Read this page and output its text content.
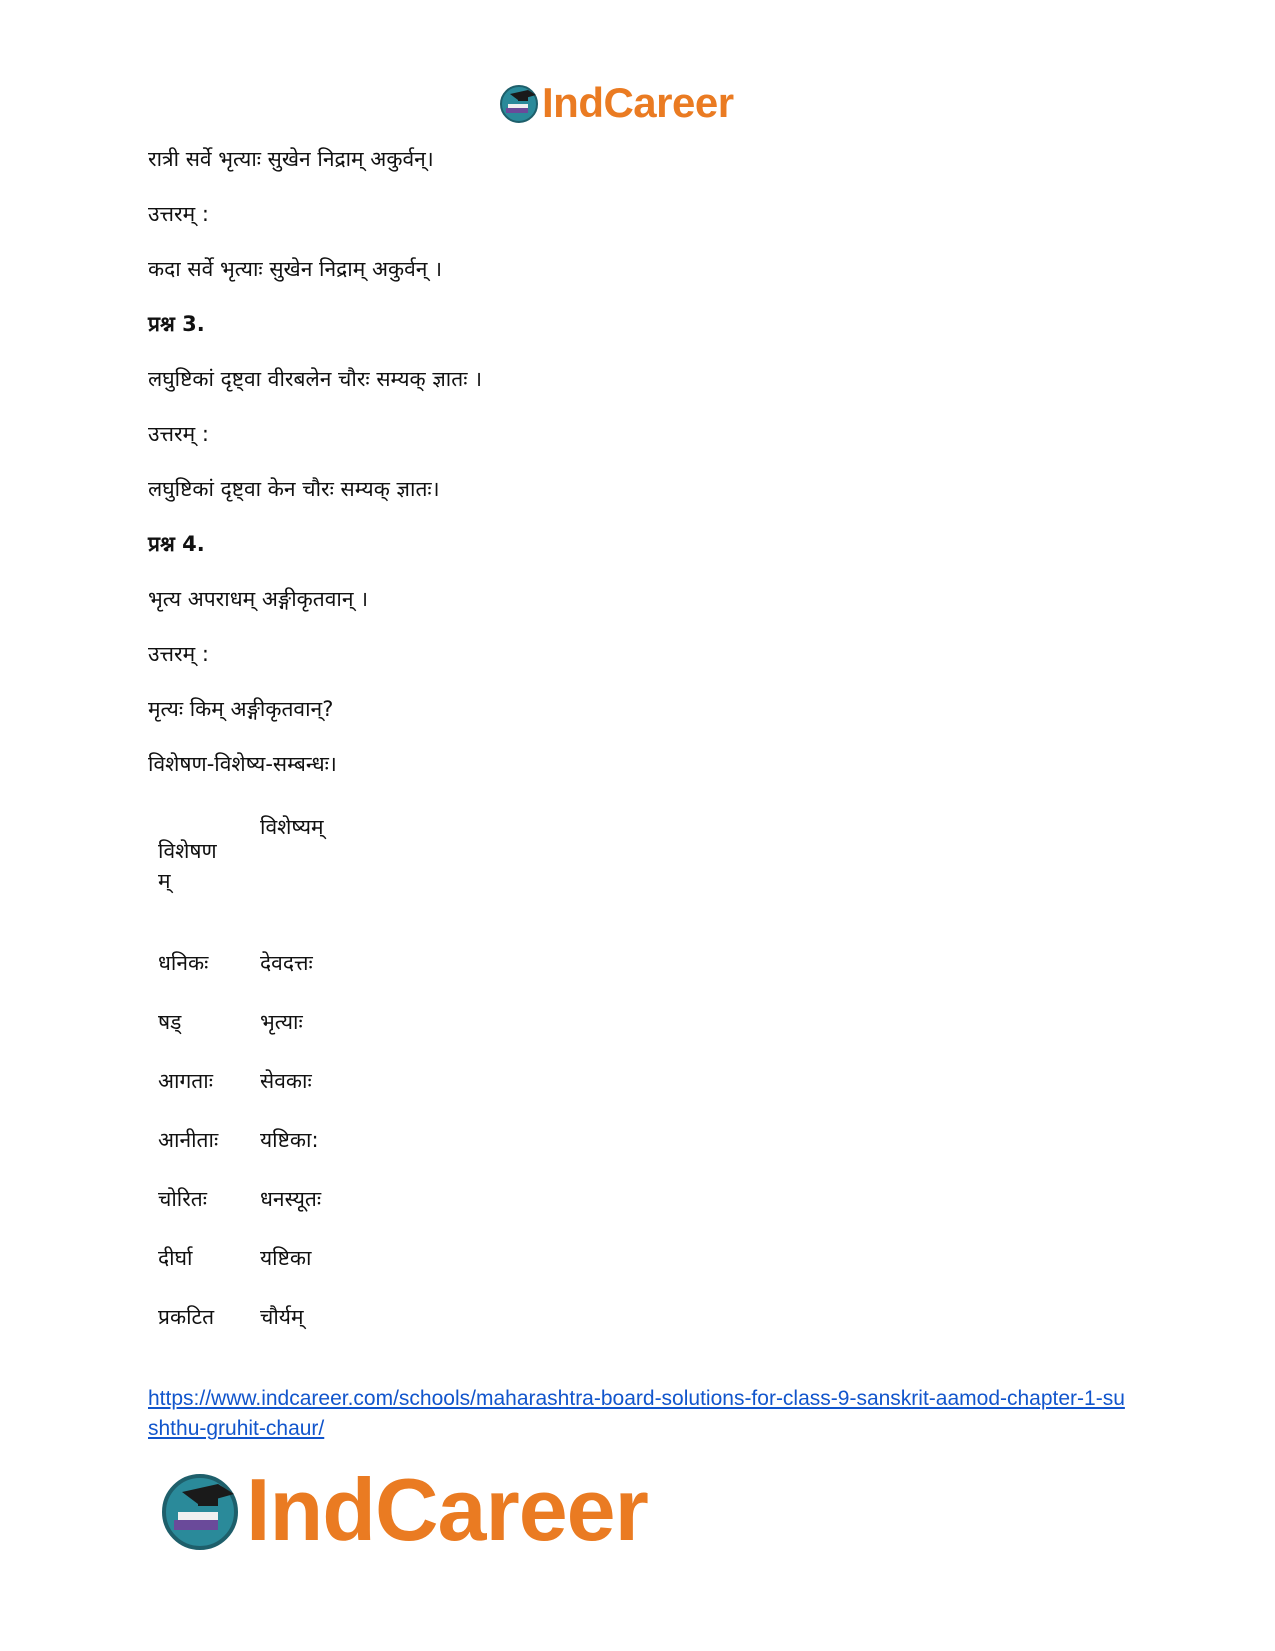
IndCareer
रात्री सर्वे भृत्याः सुखेन निद्राम् अकुर्वन्।
उत्तरम् :
कदा सर्वे भृत्याः सुखेन निद्राम् अकुर्वन् ।
प्रश्न 3.
लघुष्टिकां दृष्ट्वा वीरबलेन चौरः सम्यक् ज्ञातः ।
उत्तरम् :
लघुष्टिकां दृष्ट्वा केन चौरः सम्यक् ज्ञातः।
प्रश्न 4.
भृत्य अपराधम् अङ्गीकृतवान् ।
उत्तरम् :
मृत्यः किम् अङ्गीकृतवान्?
विशेषण-विशेष्य-सम्बन्धः।
विशेषण
म्	विशेष्यम्
धनिकः	देवदत्तः
षड्	भृत्याः
आगताः	सेवकाः
आनीताः	यष्टिका:
चोरितः	धनस्यूतः
दीर्घा	यष्टिका
प्रकटित	चौर्यम्
https://www.indcareer.com/schools/maharashtra-board-solutions-for-class-9-sanskrit-aamod-chapter-1-sushthu-gruhit-chaur/
IndCareer
